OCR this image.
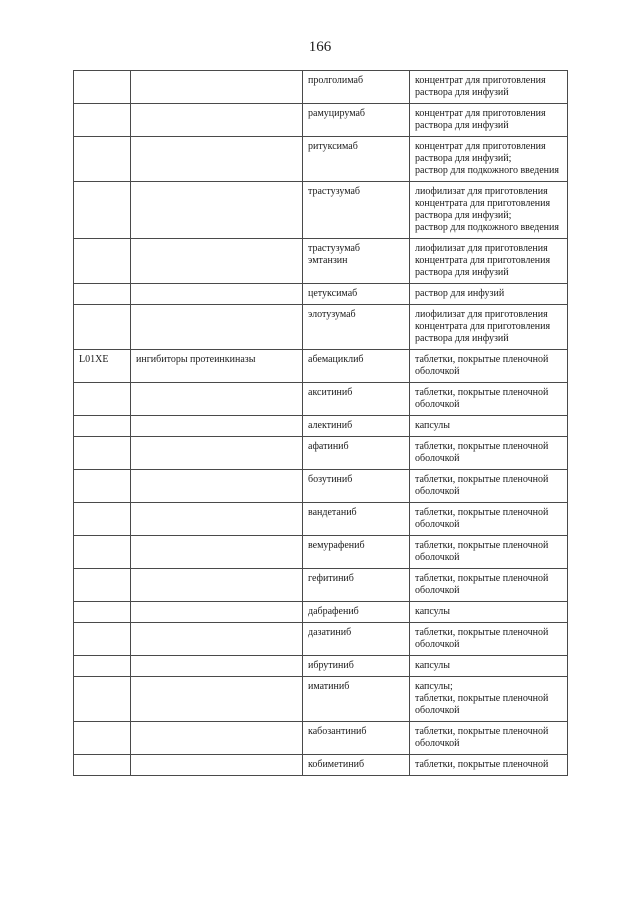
166
		пролголимаб	концентрат для приготовления
раствора для инфузий
		рамуцирумаб	концентрат для приготовления
раствора для инфузий
		ритуксимаб	концентрат для приготовления
раствора для инфузий;
раствор для подкожного введения
		трастузумаб	лиофилизат для приготовления
концентрата для приготовления
раствора для инфузий;
раствор для подкожного введения
		трастузумаб
эмтанзин	лиофилизат для приготовления
концентрата для приготовления
раствора для инфузий
		цетуксимаб	раствор для инфузий
		элотузумаб	лиофилизат для приготовления
концентрата для приготовления
раствора для инфузий
L01XE	ингибиторы протеинкиназы	абемациклиб	таблетки, покрытые пленочной
оболочкой
		акситиниб	таблетки, покрытые пленочной
оболочкой
		алектиниб	капсулы
		афатиниб	таблетки, покрытые пленочной
оболочкой
		бозутиниб	таблетки, покрытые пленочной
оболочкой
		вандетаниб	таблетки, покрытые пленочной
оболочкой
		вемурафениб	таблетки, покрытые пленочной
оболочкой
		гефитиниб	таблетки, покрытые пленочной
оболочкой
		дабрафениб	капсулы
		дазатиниб	таблетки, покрытые пленочной
оболочкой
		ибрутиниб	капсулы
		иматиниб	капсулы;
таблетки, покрытые пленочной
оболочкой
		кабозантиниб	таблетки, покрытые пленочной
оболочкой
		кобиметиниб	таблетки, покрытые пленочной
